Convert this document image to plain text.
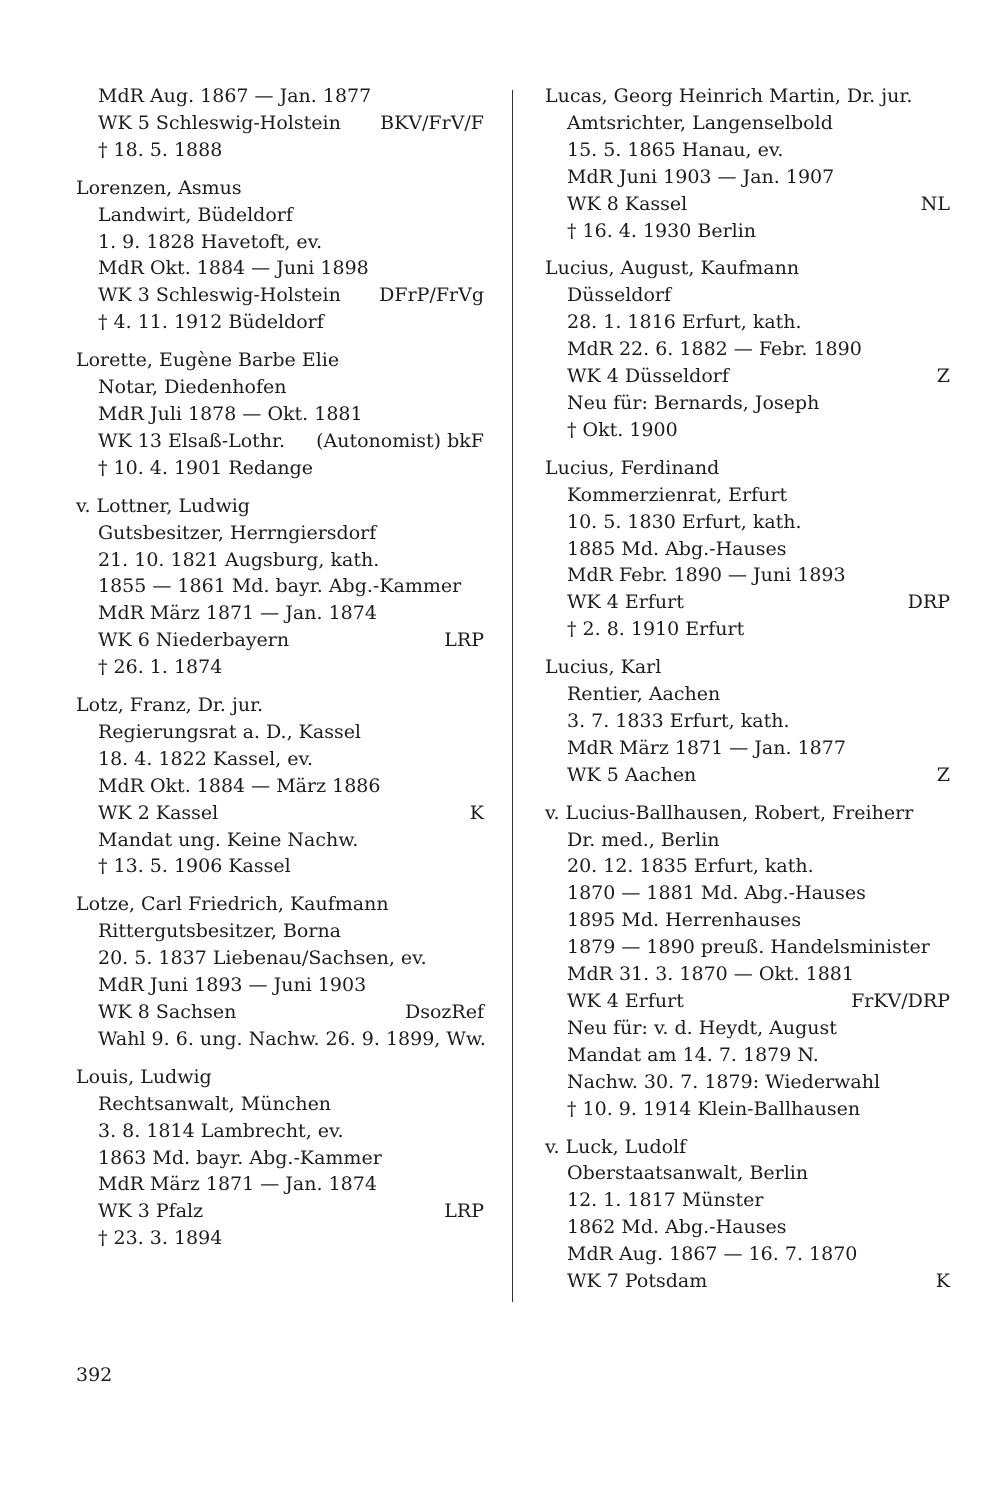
MdR Aug. 1867 — Jan. 1877
WK 5 Schleswig-Holstein	BKV/FrV/F
† 18. 5. 1888
Lorenzen, Asmus
Landwirt, Büdeldorf
1. 9. 1828 Havetoft, ev.
MdR Okt. 1884 — Juni 1898
WK 3 Schleswig-Holstein	DFrP/FrVg
† 4. 11. 1912 Büdeldorf
Lorette, Eugène Barbe Elie
Notar, Diedenhofen
MdR Juli 1878 — Okt. 1881
WK 13 Elsaß-Lothr.	(Autonomist) bkF
† 10. 4. 1901 Redange
v. Lottner, Ludwig
Gutsbesitzer, Herrngiersdorf
21. 10. 1821 Augsburg, kath.
1855 — 1861 Md. bayr. Abg.-Kammer
MdR März 1871 — Jan. 1874
WK 6 Niederbayern	LRP
† 26. 1. 1874
Lotz, Franz, Dr. jur.
Regierungsrat a. D., Kassel
18. 4. 1822 Kassel, ev.
MdR Okt. 1884 — März 1886
WK 2 Kassel	K
Mandat ung. Keine Nachw.
† 13. 5. 1906 Kassel
Lotze, Carl Friedrich, Kaufmann
Rittergutsbesitzer, Borna
20. 5. 1837 Liebenau/Sachsen, ev.
MdR Juni 1893 — Juni 1903
WK 8 Sachsen	DsozRef
Wahl 9. 6. ung. Nachw. 26. 9. 1899, Ww.
Louis, Ludwig
Rechtsanwalt, München
3. 8. 1814 Lambrecht, ev.
1863 Md. bayr. Abg.-Kammer
MdR März 1871 — Jan. 1874
WK 3 Pfalz	LRP
† 23. 3. 1894
Lucas, Georg Heinrich Martin, Dr. jur.
Amtsrichter, Langenselbold
15. 5. 1865 Hanau, ev.
MdR Juni 1903 — Jan. 1907
WK 8 Kassel	NL
† 16. 4. 1930 Berlin
Lucius, August, Kaufmann
Düsseldorf
28. 1. 1816 Erfurt, kath.
MdR 22. 6. 1882 — Febr. 1890
WK 4 Düsseldorf	Z
Neu für: Bernards, Joseph
† Okt. 1900
Lucius, Ferdinand
Kommerzienrat, Erfurt
10. 5. 1830 Erfurt, kath.
1885 Md. Abg.-Hauses
MdR Febr. 1890 — Juni 1893
WK 4 Erfurt	DRP
† 2. 8. 1910 Erfurt
Lucius, Karl
Rentier, Aachen
3. 7. 1833 Erfurt, kath.
MdR März 1871 — Jan. 1877
WK 5 Aachen	Z
v. Lucius-Ballhausen, Robert, Freiherr
Dr. med., Berlin
20. 12. 1835 Erfurt, kath.
1870 — 1881 Md. Abg.-Hauses
1895 Md. Herrenhauses
1879 — 1890 preuß. Handelsminister
MdR 31. 3. 1870 — Okt. 1881
WK 4 Erfurt	FrKV/DRP
Neu für: v. d. Heydt, August
Mandat am 14. 7. 1879 N.
Nachw. 30. 7. 1879: Wiederwahl
† 10. 9. 1914 Klein-Ballhausen
v. Luck, Ludolf
Oberstaatsanwalt, Berlin
12. 1. 1817 Münster
1862 Md. Abg.-Hauses
MdR Aug. 1867 — 16. 7. 1870
WK 7 Potsdam	K
392
